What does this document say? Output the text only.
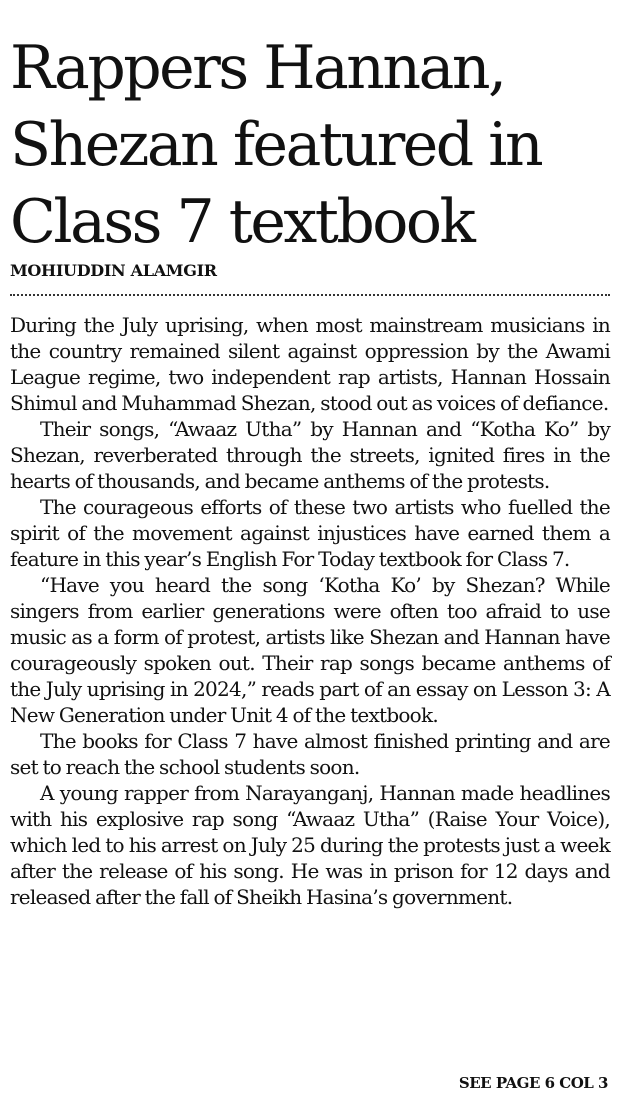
Rappers Hannan,
Shezan featured in
Class 7 textbook
MOHIUDDIN ALAMGIR

During the July uprising, when most mainstream musicians in the country remained silent against oppression by the Awami League regime, two independent rap artists, Hannan Hossain Shimul and Muhammad Shezan, stood out as voices of defiance.

Their songs, “Awaaz Utha” by Hannan and “Kotha Ko” by Shezan, reverberated through the streets, ignited fires in the hearts of thousands, and became anthems of the protests.

The courageous efforts of these two artists who fuelled the spirit of the movement against injustices have earned them a feature in this year’s English For Today textbook for Class 7.

“Have you heard the song ‘Kotha Ko’ by Shezan? While singers from earlier generations were often too afraid to use music as a form of protest, artists like Shezan and Hannan have courageously spoken out. Their rap songs became anthems of the July uprising in 2024,” reads part of an essay on Lesson 3: A New Generation under Unit 4 of the textbook.

The books for Class 7 have almost finished printing and are set to reach the school students soon.

A young rapper from Narayanganj, Hannan made headlines with his explosive rap song “Awaaz Utha” (Raise Your Voice), which led to his arrest on July 25 during the protests just a week after the release of his song. He was in prison for 12 days and released after the fall of Sheikh Hasina’s government.

SEE PAGE 6 COL 3
